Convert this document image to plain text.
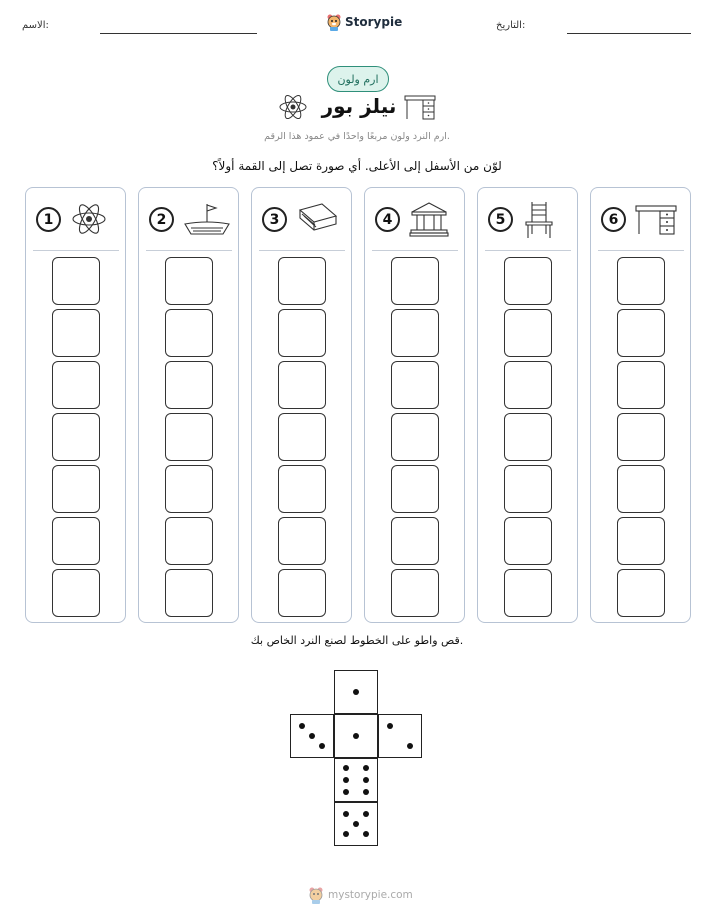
الاسم:	Storypie	التاريخ:
ارم ولون
نيلز بور
ارم النرد ولون مربعًا واحدًا في عمود هذا الرقم.
لوّن من الأسفل إلى الأعلى. أي صورة تصل إلى القمة أولاً؟
1	2	3	4	5	6
قص واطو على الخطوط لصنع النرد الخاص بك.
mystorypie.com
